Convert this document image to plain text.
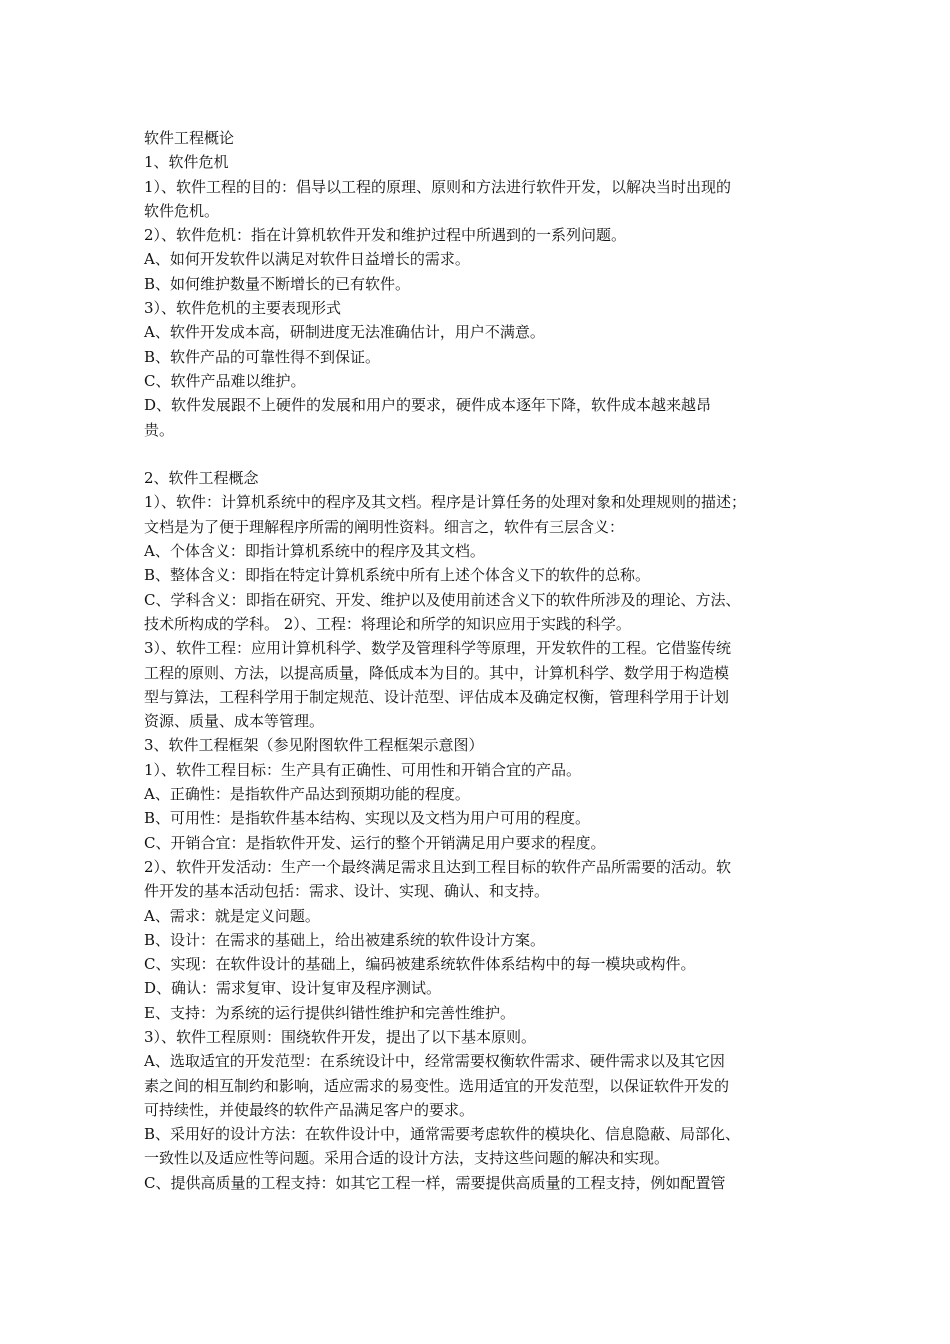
软件工程概论
1、软件危机
1）、软件工程的目的：倡导以工程的原理、原则和方法进行软件开发，以解决当时出现的
软件危机。
2）、软件危机：指在计算机软件开发和维护过程中所遇到的一系列问题。
A、如何开发软件以满足对软件日益增长的需求。
B、如何维护数量不断增长的已有软件。
3）、软件危机的主要表现形式
A、软件开发成本高，研制进度无法准确估计，用户不满意。
B、软件产品的可靠性得不到保证。
C、软件产品难以维护。
D、软件发展跟不上硬件的发展和用户的要求，硬件成本逐年下降，软件成本越来越昂
贵。
2、软件工程概念
1）、软件：计算机系统中的程序及其文档。程序是计算任务的处理对象和处理规则的描述；
文档是为了便于理解程序所需的阐明性资料。细言之，软件有三层含义：
A、个体含义：即指计算机系统中的程序及其文档。
B、整体含义：即指在特定计算机系统中所有上述个体含义下的软件的总称。
C、学科含义：即指在研究、开发、维护以及使用前述含义下的软件所涉及的理论、方法、
技术所构成的学科。 2）、工程：将理论和所学的知识应用于实践的科学。
3）、软件工程：应用计算机科学、数学及管理科学等原理，开发软件的工程。它借鉴传统
工程的原则、方法，以提高质量，降低成本为目的。其中，计算机科学、数学用于构造模
型与算法，工程科学用于制定规范、设计范型、评估成本及确定权衡，管理科学用于计划
资源、质量、成本等管理。
3、软件工程框架（参见附图软件工程框架示意图）
1）、软件工程目标：生产具有正确性、可用性和开销合宜的产品。
A、正确性：是指软件产品达到预期功能的程度。
B、可用性：是指软件基本结构、实现以及文档为用户可用的程度。
C、开销合宜：是指软件开发、运行的整个开销满足用户要求的程度。
2）、软件开发活动：生产一个最终满足需求且达到工程目标的软件产品所需要的活动。软
件开发的基本活动包括：需求、设计、实现、确认、和支持。
A、需求：就是定义问题。
B、设计：在需求的基础上，给出被建系统的软件设计方案。
C、实现：在软件设计的基础上，编码被建系统软件体系结构中的每一模块或构件。
D、确认：需求复审、设计复审及程序测试。
E、支持：为系统的运行提供纠错性维护和完善性维护。
3）、软件工程原则：围绕软件开发，提出了以下基本原则。
A、选取适宜的开发范型：在系统设计中，经常需要权衡软件需求、硬件需求以及其它因
素之间的相互制约和影响，适应需求的易变性。选用适宜的开发范型，以保证软件开发的
可持续性，并使最终的软件产品满足客户的要求。
B、采用好的设计方法：在软件设计中，通常需要考虑软件的模块化、信息隐蔽、局部化、
一致性以及适应性等问题。采用合适的设计方法，支持这些问题的解决和实现。
C、提供高质量的工程支持：如其它工程一样，需要提供高质量的工程支持，例如配置管
